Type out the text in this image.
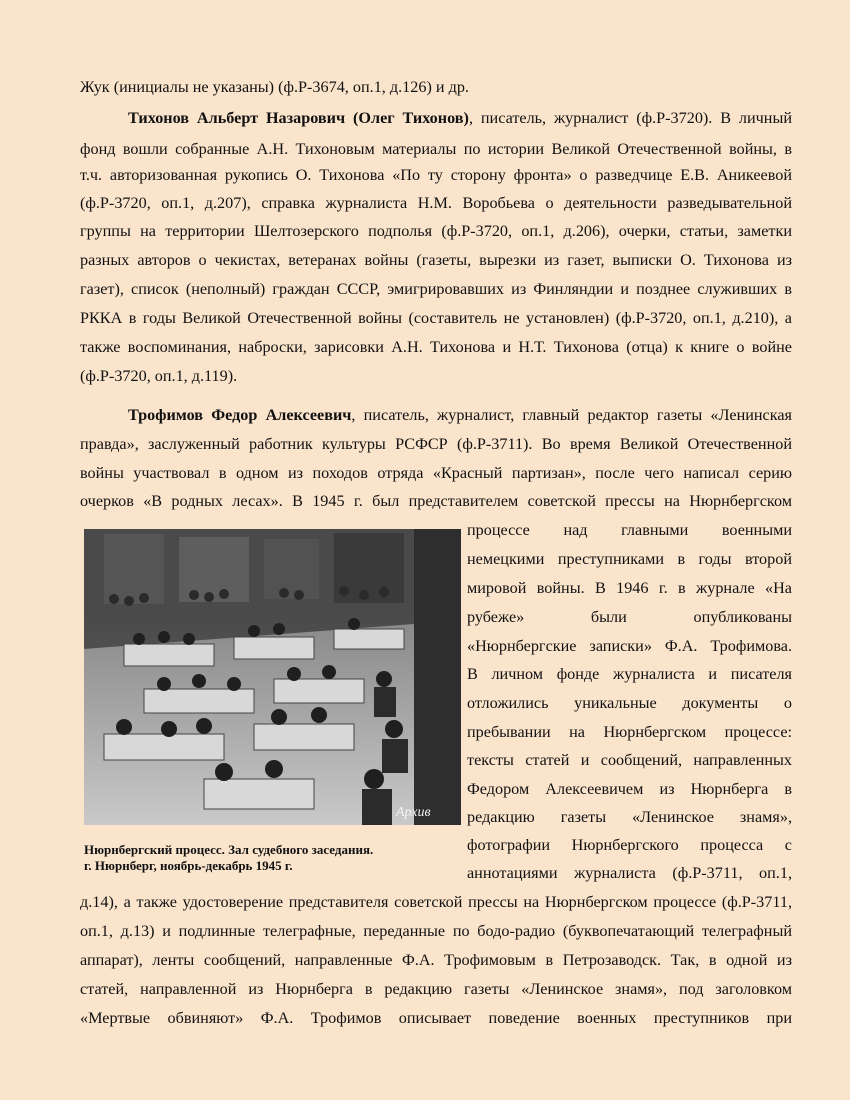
Жук (инициалы не указаны) (ф.Р-3674, оп.1, д.126) и др.
Тихонов Альберт Назарович (Олег Тихонов), писатель, журналист (ф.Р-3720). В личный
фонд вошли собранные А.Н. Тихоновым материалы по истории Великой Отечественной войны, в
т.ч. авторизованная рукопись О. Тихонова «По ту сторону фронта» о разведчице Е.В. Аникеевой
(ф.Р-3720, оп.1, д.207), справка журналиста Н.М. Воробьева о деятельности разведывательной
группы на территории Шелтозерского подполья (ф.Р-3720, оп.1, д.206), очерки, статьи, заметки
разных авторов о чекистах, ветеранах войны (газеты, вырезки из газет, выписки О. Тихонова из
газет), список (неполный) граждан СССР, эмигрировавших из Финляндии и позднее служивших в
РККА в годы Великой Отечественной войны (составитель не установлен) (ф.Р-3720, оп.1, д.210), а
также воспоминания, наброски, зарисовки А.Н. Тихонова и Н.Т. Тихонова (отца) к книге о войне
(ф.Р-3720, оп.1, д.119).
Трофимов Федор Алексеевич, писатель, журналист, главный редактор газеты «Ленинская
правда», заслуженный работник культуры РСФСР (ф.Р-3711). Во время Великой Отечественной
войны участвовал в одном из походов отряда «Красный партизан», после чего написал серию
очерков «В родных лесах». В 1945 г. был представителем советской прессы на Нюрнбергском
процессе над главными военными
немецкими преступниками в годы второй
мировой войны. В 1946 г. в журнале «На
рубеже» были опубликованы
«Нюрнбергские записки» Ф.А. Трофимова.
В личном фонде журналиста и писателя
отложились уникальные документы о
пребывании на Нюрнбергском процессе:
тексты статей и сообщений, направленных
Федором Алексеевичем из Нюрнберга в
редакцию газеты «Ленинское знамя»,
фотографии Нюрнбергского процесса с
аннотациями журналиста (ф.Р-3711, оп.1,
Архив
Нюрнбергский процесс. Зал судебного заседания.
г. Нюрнберг, ноябрь-декабрь 1945 г.
д.14), а также удостоверение представителя советской прессы на Нюрнбергском процессе (ф.Р-3711,
оп.1, д.13) и подлинные телеграфные, переданные по бодо-радио (буквопечатающий телеграфный
аппарат), ленты сообщений, направленные Ф.А. Трофимовым в Петрозаводск. Так, в одной из
статей, направленной из Нюрнберга в редакцию газеты «Ленинское знамя», под заголовком
«Мертвые обвиняют» Ф.А. Трофимов описывает поведение военных преступников при
